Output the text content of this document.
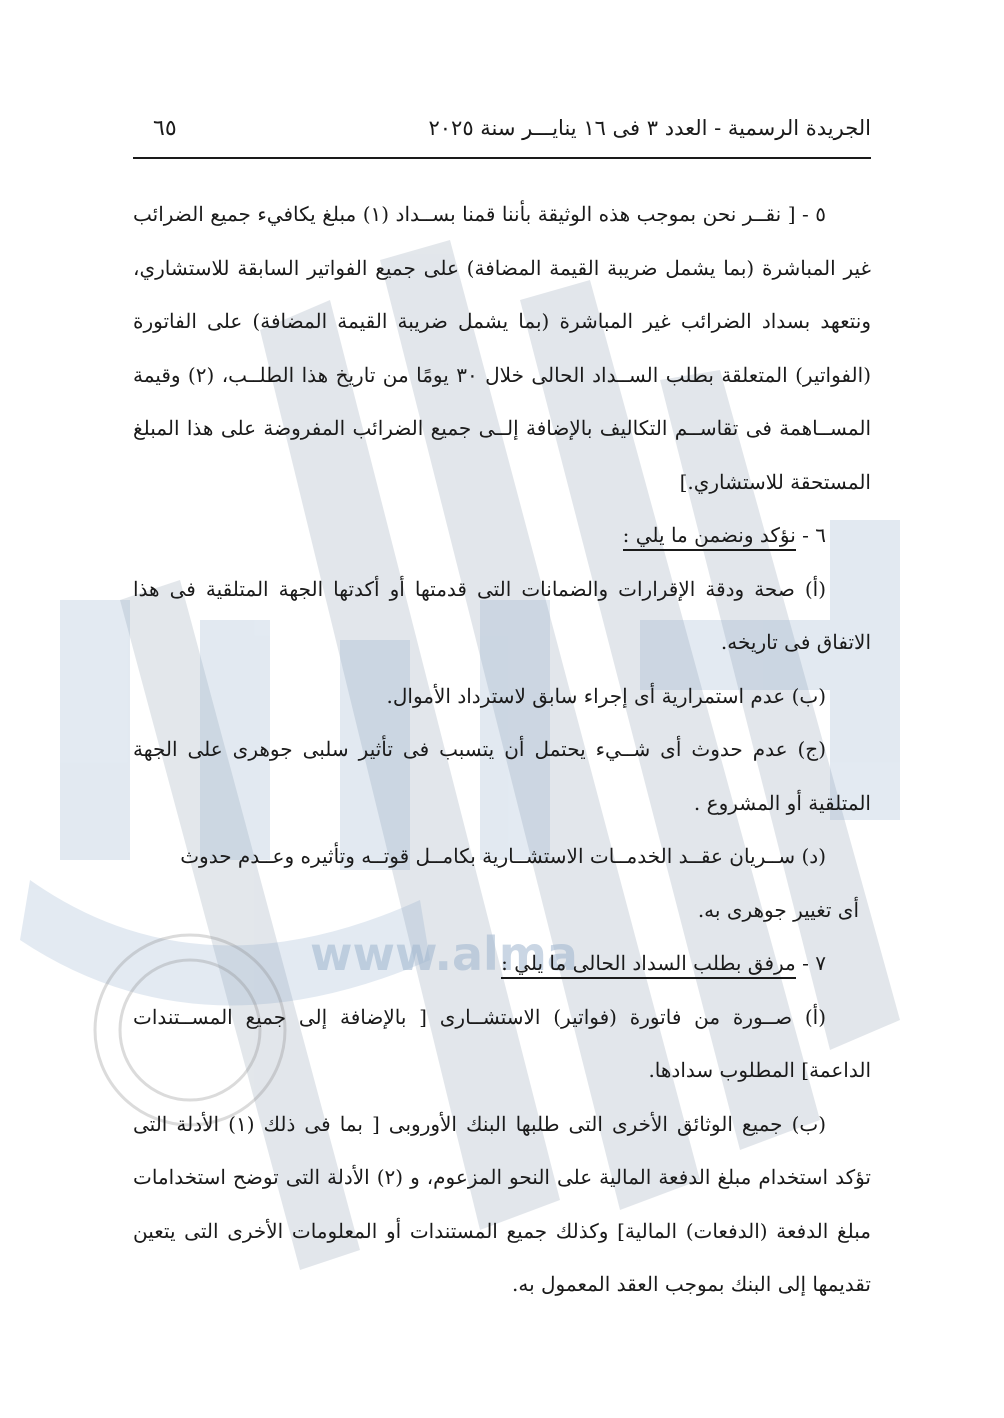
www.alma
الجريدة الرسمية - العدد ٣ فى ١٦ ينايـــر سنة ٢٠٢٥
٦٥

٥ - [ نقــر نحن بموجب هذه الوثيقة بأننا قمنا بســداد (١) مبلغ يكافيء جميع الضرائب غير المباشرة (بما يشمل ضريبة القيمة المضافة) على جميع الفواتير السابقة للاستشاري، ونتعهد بسداد الضرائب غير المباشرة (بما يشمل ضريبة القيمة المضافة) على الفاتورة (الفواتير) المتعلقة بطلب الســداد الحالى خلال ٣٠ يومًا من تاريخ هذا الطلــب، (٢) وقيمة المســاهمة فى تقاســم التكاليف بالإضافة إلــى جميع الضرائب المفروضة على هذا المبلغ المستحقة للاستشاري.]

٦ - نؤكد ونضمن ما يلي :

(أ) صحة ودقة الإقرارات والضمانات التى قدمتها أو أكدتها الجهة المتلقية فى هذا الاتفاق فى تاريخه.

(ب) عدم استمرارية أى إجراء سابق لاسترداد الأموال.

(ج) عدم حدوث أى شــيء يحتمل أن يتسبب فى تأثير سلبى جوهرى على الجهة المتلقية أو المشروع .

(د) ســريان عقــد الخدمــات الاستشــارية بكامــل قوتــه وتأثيره وعــدم حدوث

أى تغيير جوهرى به.

٧ - مرفق بطلب السداد الحالى ما يلي :

(أ) صــورة من فاتورة (فواتير) الاستشــارى [ بالإضافة إلى جميع المســتندات الداعمة] المطلوب سدادها.

(ب) جميع الوثائق الأخرى التى طلبها البنك الأوروبى [ بما فى ذلك (١) الأدلة التى تؤكد استخدام مبلغ الدفعة المالية على النحو المزعوم، و (٢) الأدلة التى توضح استخدامات مبلغ الدفعة (الدفعات) المالية] وكذلك جميع المستندات أو المعلومات الأخرى التى يتعين تقديمها إلى البنك بموجب العقد المعمول به.
